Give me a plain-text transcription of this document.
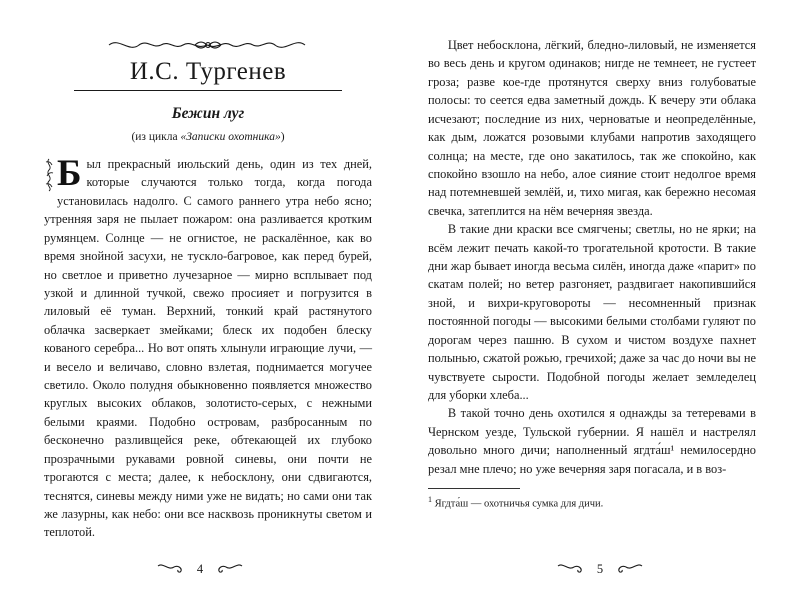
И.С. Тургенев
Бежин луг
(из цикла «Записки охотника»)
Б ыл прекрасный июльский день, один из тех дней, которые случаются только тогда, когда погода установилась надолго. С самого раннего утра небо ясно; утренняя заря не пылает пожаром: она разливается кротким румянцем. Солнце — не огнистое, не раскалённое, как во время знойной засухи, не тускло-багровое, как перед бурей, но светлое и приветно лучезарное — мирно всплывает под узкой и длинной тучкой, свежо просияет и погрузится в лиловый её туман. Верхний, тонкий край растянутого облачка засверкает змейками; блеск их подобен блеску кованого серебра... Но вот опять хлынули играющие лучи, — и весело и величаво, словно взлетая, поднимается могучее светило. Около полудня обыкновенно появляется множество круглых высоких облаков, золотисто-серых, с нежными белыми краями. Подобно островам, разбросанным по бесконечно разливщейся реке, обтекающей их глубоко прозрачными рукавами ровной синевы, они почти не трогаются с места; далее, к небосклону, они сдвигаются, теснятся, синевы между ними уже не видать; но сами они так же лазурны, как небо: они все насквозь проникнуты светом и теплотой.

4

Цвет небосклона, лёгкий, бледно-лиловый, не изменяется во весь день и кругом одинаков; нигде не темнеет, не густеет гроза; разве кое-где протянутся сверху вниз голубоватые полосы: то сеется едва заметный дождь. К вечеру эти облака исчезают; последние из них, черноватые и неопределённые, как дым, ложатся розовыми клубами напротив заходящего солнца; на месте, где оно закатилось, так же спокойно, как спокойно взошло на небо, алое сияние стоит недолгое время над потемневшей землёй, и, тихо мигая, как бережно несомая свечка, затеплится на нём вечерняя звезда.

В такие дни краски все смягчены; светлы, но не ярки; на всём лежит печать какой-то трогательной кротости. В такие дни жар бывает иногда весьма силён, иногда даже «парит» по скатам полей; но ветер разгоняет, раздвигает накопившийся зной, и вихри-круговороты — несомненный признак постоянной погоды — высокими белыми столбами гуляют по дорогам через пашню. В сухом и чистом воздухе пахнет полынью, сжатой рожью, гречихой; даже за час до ночи вы не чувствуете сырости. Подобной погоды желает земледелец для уборки хлеба...

В такой точно день охотился я однажды за тетеревами в Чернском уезде, Тульской губернии. Я нашёл и настрелял довольно много дичи; наполненный ягдта́ш¹ немилосердно резал мне плечо; но уже вечерняя заря погасала, и в воз-

$^1$ Ягдта́ш — охотничья сумка для дичи.
5
